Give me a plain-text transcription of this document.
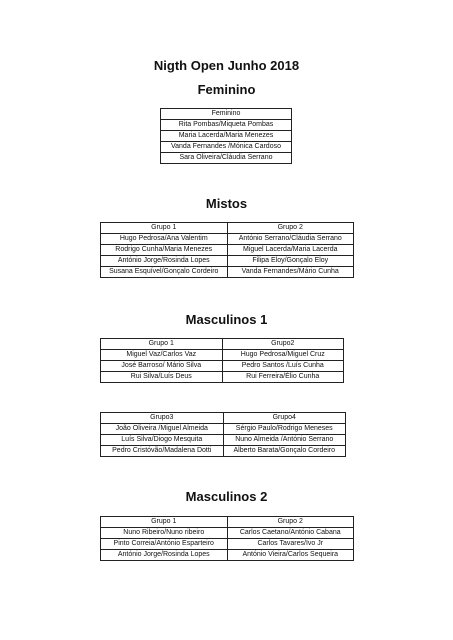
Nigth Open Junho 2018
Feminino
Feminino
Rita Pombas/Miqueta Pombas
Maria Lacerda/Maria Menezes
Vanda Fernandes /Mónica Cardoso
Sara Oliveira/Cláudia Serrano
Mistos
Grupo 1	Grupo 2
Hugo Pedrosa/Ana Valentim	António Serrano/Cláudia Serrano
Rodrigo Cunha/Maria Menezes	Miguel Lacerda/Maria Lacerda
António Jorge/Rosinda Lopes	Filipa Eloy/Gonçalo Eloy
Susana Esquível/Gonçalo Cordeiro	Vanda Fernandes/Mário Cunha
Masculinos 1
Grupo 1	Grupo2
Miguel Vaz/Carlos Vaz	Hugo Pedrosa/Miguel Cruz
José Barroso/ Mário Silva	Pedro Santos /Luís Cunha
Rui Silva/Luís Deus	Rui Ferreira/Élio Cunha
Grupo3	Grupo4
João Oliveira /Miguel Almeida	Sérgio Paulo/Rodrigo Meneses
Luís Silva/Diogo Mesquita	Nuno Almeida /António Serrano
Pedro Cristóvão/Madalena Dotti	Alberto Barata/Gonçalo Cordeiro
Masculinos 2
Grupo 1	Grupo 2
Nuno Ribeiro/Nuno ribeiro	Carlos Caetano/António Cabana
Pinto Correia/António Esparteiro	Carlos Tavares/Ivo Jr
António Jorge/Rosinda Lopes	António Vieira/Carlos Sequeira
